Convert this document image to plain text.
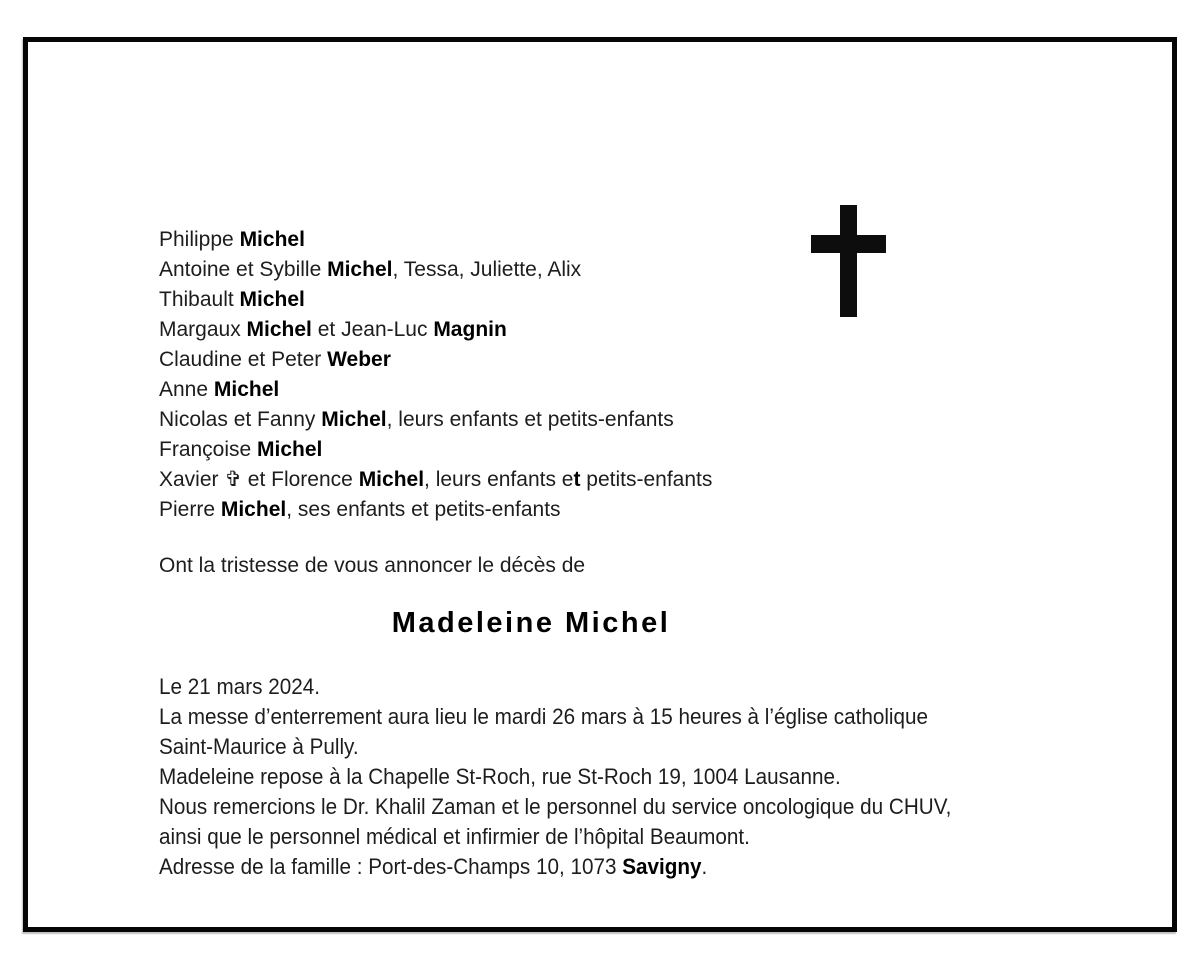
Philippe Michel
Antoine et Sybille Michel, Tessa, Juliette, Alix
Thibault Michel
Margaux Michel et Jean-Luc Magnin
Claudine et Peter Weber
Anne Michel
Nicolas et Fanny Michel, leurs enfants et petits-enfants
Françoise Michel
Xavier ✞ et Florence Michel, leurs enfants et petits-enfants
Pierre Michel, ses enfants et petits-enfants
Ont la tristesse de vous annoncer le décès de
Madeleine Michel
Le 21 mars 2024.
La messe d’enterrement aura lieu le mardi 26 mars à 15 heures à l’église catholique
Saint-Maurice à Pully.
Madeleine repose à la Chapelle St-Roch, rue St-Roch 19, 1004 Lausanne.
Nous remercions le Dr. Khalil Zaman et le personnel du service oncologique du CHUV,
ainsi que le personnel médical et infirmier de l’hôpital Beaumont.
Adresse de la famille : Port-des-Champs 10, 1073 Savigny.
